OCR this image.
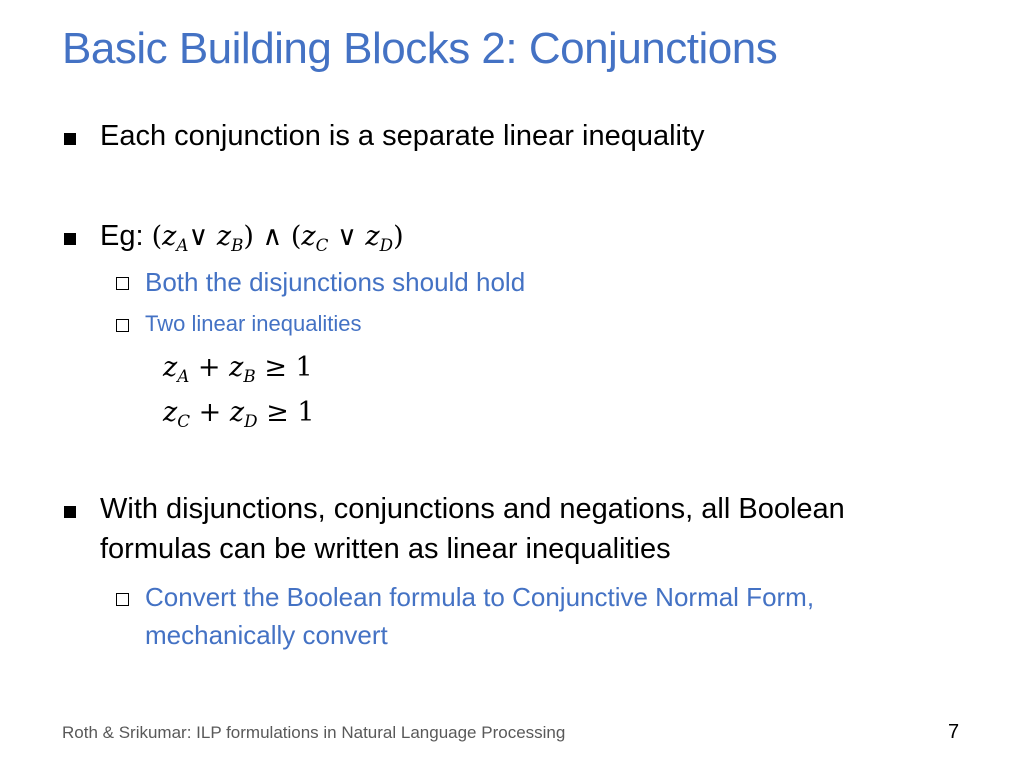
Basic Building Blocks 2: Conjunctions
Each conjunction is a separate linear inequality
Eg: ($z_A\vee$ $z_B$) ∧ ($z_C$ ∨ $z_D$)
Both the disjunctions should hold
Two linear inequalities
$z_A + z_B \ge 1$
$z_C + z_D \ge 1$
With disjunctions, conjunctions and negations, all Boolean
formulas can be written as linear inequalities
Convert the Boolean formula to Conjunctive Normal Form,
mechanically convert
Roth & Srikumar: ILP formulations in Natural Language Processing	7
